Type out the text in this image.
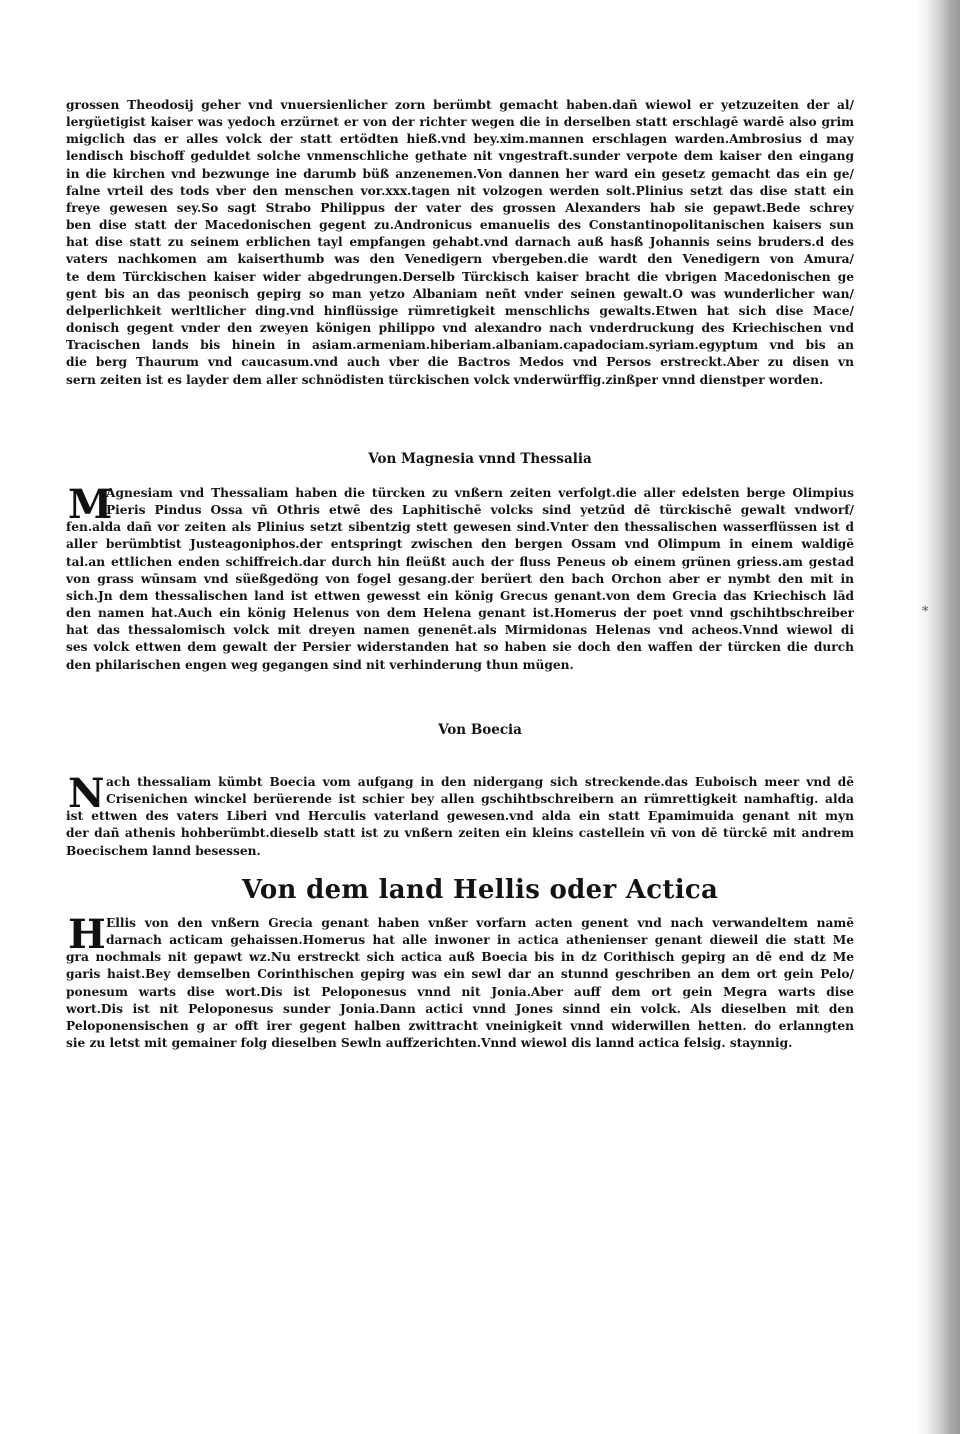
⁎
grossen Theodosij geher vnd vnuersienlicher zorn berümbt gemacht haben.dañ wiewol er yetzuzeiten der al/
lergüetigist kaiser was yedoch erzürnet er von der richter wegen die in derselben statt erschlagē wardē also grim
migclich das er alles volck der statt ertödten hieß.vnd bey.xim.mannen erschlagen warden.Ambrosius d may
lendisch bischoff geduldet solche vnmenschliche gethate nit vngestraft.sunder verpote dem kaiser den eingang
in die kirchen vnd bezwunge ine darumb büß anzenemen.Von dannen her ward ein gesetz gemacht das ein ge/
falne vrteil des tods vber den menschen vor.xxx.tagen nit volzogen werden solt.Plinius setzt das dise statt ein
freye gewesen sey.So sagt Strabo Philippus der vater des grossen Alexanders hab sie gepawt.Bede schrey
ben dise statt der Macedonischen gegent zu.Andronicus emanuelis des Constantinopolitanischen kaisers sun
hat dise statt zu seinem erblichen tayl empfangen gehabt.vnd darnach auß hasß Johannis seins bruders.d des
vaters nachkomen am kaiserthumb was den Venedigern vbergeben.die wardt den Venedigern von Amura/
te dem Türckischen kaiser wider abgedrungen.Derselb Türckisch kaiser bracht die vbrigen Macedonischen ge
gent bis an das peonisch gepirg so man yetzo Albaniam neñt vnder seinen gewalt.O was wunderlicher wan/
delperlichkeit werltlicher ding.vnd hinflüssige rümretigkeit menschlichs gewalts.Etwen hat sich dise Mace/
donisch gegent vnder den zweyen königen philippo vnd alexandro nach vnderdruckung des Kriechischen vnd
Tracischen lands bis hinein in asiam.armeniam.hiberiam.albaniam.capadociam.syriam.egyptum vnd bis an
die berg Thaurum vnd caucasum.vnd auch vber die Bactros Medos vnd Persos erstreckt.Aber zu disen vn
sern zeiten ist es layder dem aller schnödisten türckischen volck vnderwürffig.zinßper vnnd dienstper worden.
Von Magnesia vnnd Thessalia
M
Agnesiam vnd Thessaliam haben die türcken zu vnßern zeiten verfolgt.die aller edelsten berge Olimpius
Pieris Pindus Ossa vñ Othris etwē des Laphitischē volcks sind yetzūd dē türckischē gewalt vndworf/
fen.alda dañ vor zeiten als Plinius setzt sibentzig stett gewesen sind.Vnter den thessalischen wasserflüssen ist d
aller berümbtist Justeagoniphos.der entspringt zwischen den bergen Ossam vnd Olimpum in einem waldigē
tal.an ettlichen enden schiffreich.dar durch hin fleüßt auch der fluss Peneus ob einem grünen griess.am gestad
von grass wūnsam vnd süeßgedöng von fogel gesang.der berüert den bach Orchon aber er nymbt den mit in
sich.Jn dem thessalischen land ist ettwen gewesst ein könig Grecus genant.von dem Grecia das Kriechisch lād
den namen hat.Auch ein könig Helenus von dem Helena genant ist.Homerus der poet vnnd gschihtbschreiber
hat das thessalomisch volck mit dreyen namen genenēt.als Mirmidonas Helenas vnd acheos.Vnnd wiewol di
ses volck ettwen dem gewalt der Persier widerstanden hat so haben sie doch den waffen der türcken die durch
den philarischen engen weg gegangen sind nit verhinderung thun mügen.
Von Boecia
N ach thessaliam kümbt Boecia vom aufgang in den nidergang sich streckende.das Euboisch meer vnd dē
Crisenichen winckel berüerende ist schier bey allen gschihtbschreibern an rümrettigkeit namhaftig. alda
ist ettwen des vaters Liberi vnd Herculis vaterland gewesen.vnd alda ein statt Epamimuida genant nit myn
der dañ athenis hohberümbt.dieselb statt ist zu vnßern zeiten ein kleins castellein vñ von dē türckē mit andrem
Boecischem lannd besessen.
Von dem land Hellis oder Actica
H Ellis von den vnßern Grecia genant haben vnßer vorfarn acten genent vnd nach verwandeltem namē
darnach acticam gehaissen.Homerus hat alle inwoner in actica athenienser genant dieweil die statt Me
gra nochmals nit gepawt wz.Nu erstreckt sich actica auß Boecia bis in dz Corithisch gepirg an dē end dz Me
garis haist.Bey demselben Corinthischen gepirg was ein sewl dar an stunnd geschriben an dem ort gein Pelo/
ponesum warts dise wort.Dis ist Peloponesus vnnd nit Jonia.Aber auff dem ort gein Megra warts dise
wort.Dis ist nit Peloponesus sunder Jonia.Dann actici vnnd Jones sinnd ein volck. Als dieselben mit den
Peloponensischen g ar offt irer gegent halben zwittracht vneinigkeit vnnd widerwillen hetten. do erlanngten
sie zu letst mit gemainer folg dieselben Sewln auffzerichten.Vnnd wiewol dis lannd actica felsig. staynnig.
